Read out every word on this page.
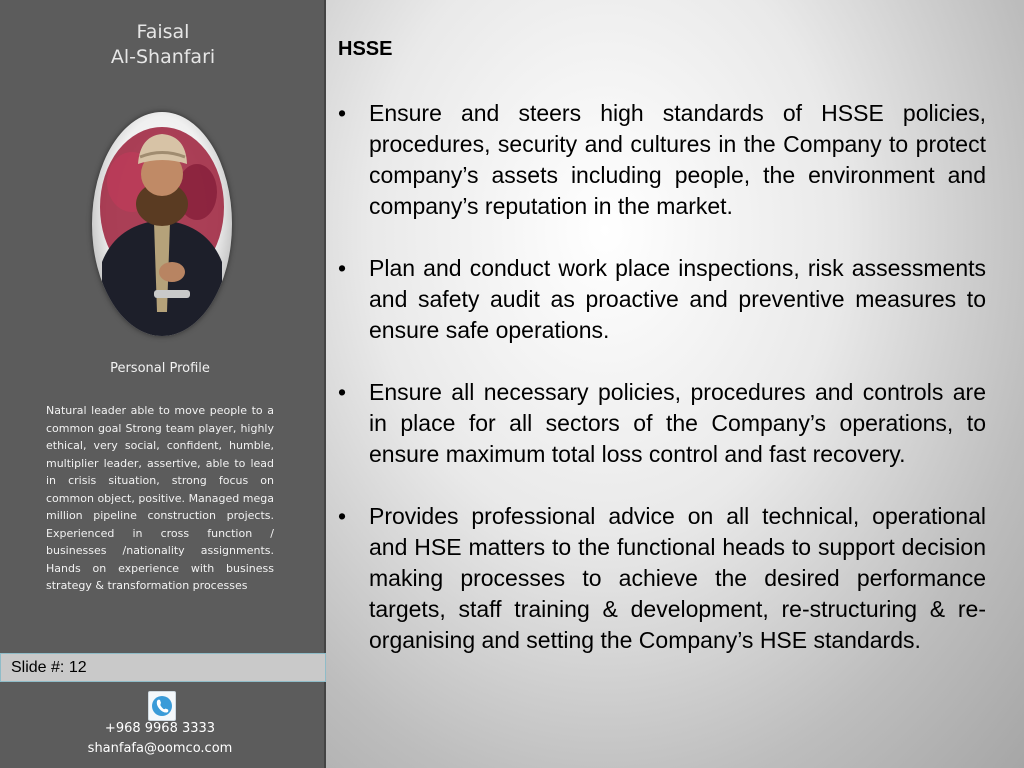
Faisal
Al-Shanfari
Personal Profile
Natural leader able to move people to a common goal Strong team player, highly ethical, very social, confident, humble, multiplier leader, assertive, able to lead in crisis situation, strong focus on common object, positive. Managed mega million pipeline construction projects. Experienced in cross function / businesses /nationality assignments. Hands on experience with business strategy & transformation processes
Slide #: 12
+968 9968 3333
shanfafa@oomco.com
HSSE
• Ensure and steers high standards of HSSE policies, procedures, security and cultures in the Company to protect company’s assets including people, the environment and company’s reputation in the market.
• Plan and conduct work place inspections, risk assessments and safety audit as proactive and preventive measures to ensure safe operations.
• Ensure all necessary policies, procedures and controls are in place for all sectors of the Company’s operations, to ensure maximum total loss control and fast recovery.
• Provides professional advice on all technical, operational and HSE matters to the functional heads to support decision making processes to achieve the desired performance targets, staff training & development, re-structuring & re-organising and setting the Company’s HSE standards.
